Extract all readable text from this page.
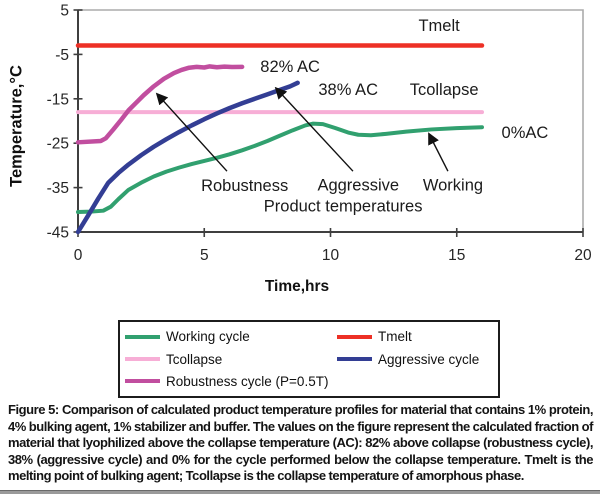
5
-5
-15
-25
-35
-45
0	5	10	15	20
Tmelt
82% AC
38% AC Tcollapse
0%AC
Robustness Aggressive Working
Product temperatures
Temperature,°C
Time,hrs
Working cycle	Tmelt
Tcollapse	Aggressive cycle
Robustness cycle (P=0.5T)

Figure 5: Comparison of calculated product temperature profiles for material that contains 1% protein, 4% bulking agent, 1% stabilizer and buffer. The values on the figure represent the calculated fraction of material that lyophilized above the collapse temperature (AC): 82% above collapse (robustness cycle), 38% (aggressive cycle) and 0% for the cycle performed below the collapse temperature. Tmelt is the melting point of bulking agent; Tcollapse is the collapse temperature of amorphous phase.
